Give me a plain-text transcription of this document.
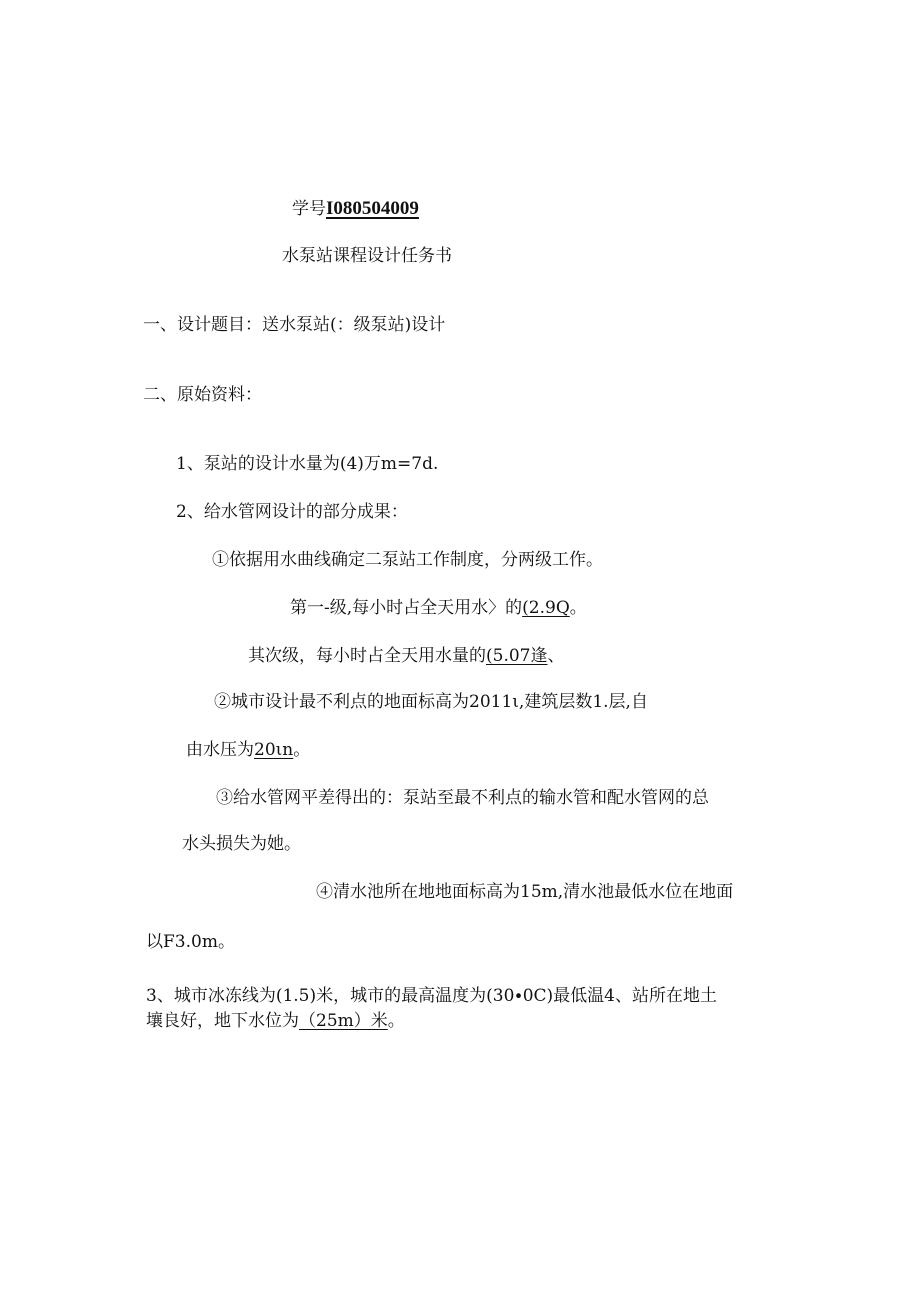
学号I080504009
水泵站课程设计任务书
一、设计题目：送水泵站(：级泵站)设计
二、原始资料：
1、泵站的设计水量为(4)万m=7d.
2、给水管网设计的部分成果：
①依据用水曲线确定二泵站工作制度，分两级工作。
第一-级,每小时占全天用水〉的(2.9Q。
其次级，每小时占全天用水量的(5.07逢、
②城市设计最不利点的地面标高为2011ι,建筑层数1.层,自
由水压为20ιn。
③给水管网平差得出的：泵站至最不利点的输水管和配水管网的总
水头损失为她。
④清水池所在地地面标高为15m,清水池最低水位在地面
以F3.0m。
3、城市冰冻线为(1.5)米，城市的最高温度为(30∙0C)最低温4、站所在地土
壤良好，地下水位为（25m）米。
